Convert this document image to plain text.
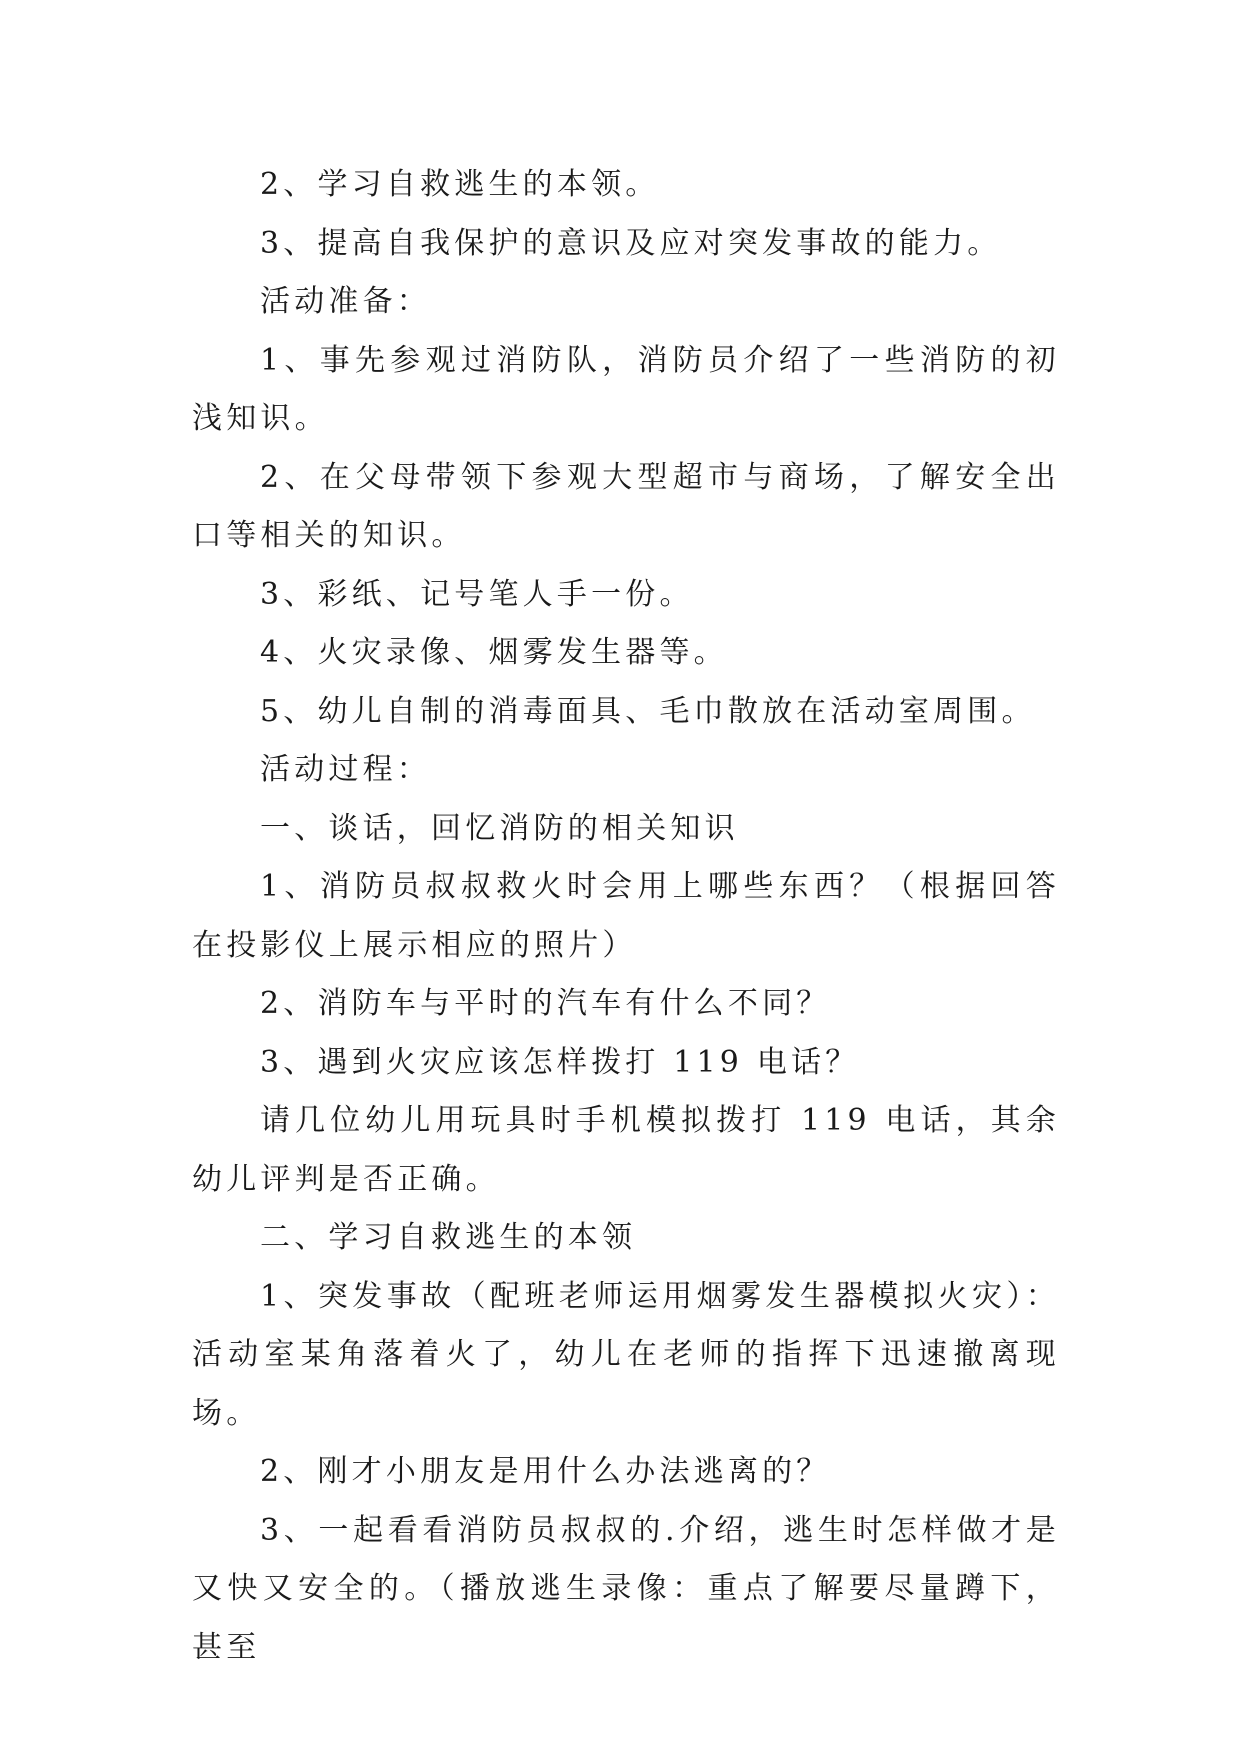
2、学习自救逃生的本领。

3、提高自我保护的意识及应对突发事故的能力。

活动准备：

1、事先参观过消防队，消防员介绍了一些消防的初浅知识。

2、在父母带领下参观大型超市与商场，了解安全出口等相关的知识。

3、彩纸、记号笔人手一份。

4、火灾录像、烟雾发生器等。

5、幼儿自制的消毒面具、毛巾散放在活动室周围。

活动过程：

一、谈话，回忆消防的相关知识

1、消防员叔叔救火时会用上哪些东西？（根据回答在投影仪上展示相应的照片）

2、消防车与平时的汽车有什么不同？

3、遇到火灾应该怎样拨打 119 电话？

请几位幼儿用玩具时手机模拟拨打 119 电话，其余幼儿评判是否正确。

二、学习自救逃生的本领

1、突发事故（配班老师运用烟雾发生器模拟火灾）：活动室某角落着火了，幼儿在老师的指挥下迅速撤离现场。

2、刚才小朋友是用什么办法逃离的？

3、一起看看消防员叔叔的.介绍，逃生时怎样做才是又快又安全的。（播放逃生录像：重点了解要尽量蹲下，甚至
